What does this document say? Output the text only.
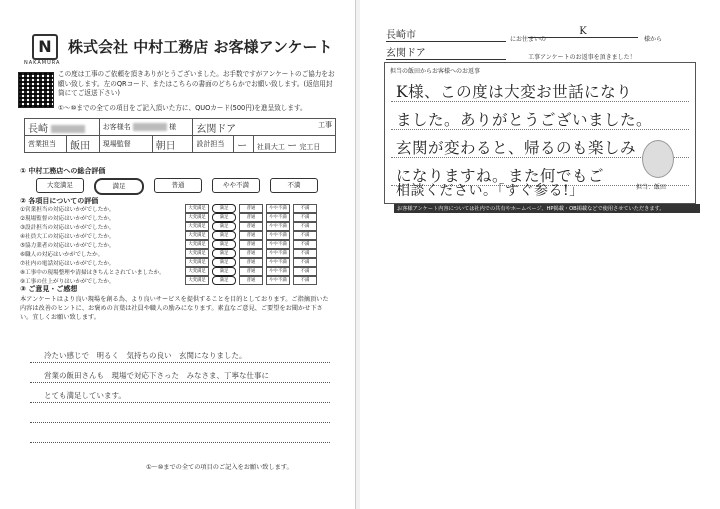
N
NAKAMURA
株式会社 中村工務店 お客様アンケート
この度は工事のご依頼を頂きありがとうございました。お手数ですがアンケートのご協力をお願い致します。左のQRコード、またはこちらの書面のどちらかでお願い致します。(返信用封筒にてご返送下さい)
①〜⑩までの全ての項目をご記入頂いた方に、QUOカード(500円)を進呈致します。
長崎		お客様名 様		玄関ドア 工事		

営業担当	飯田	現場監督	朝日	設計担当	ー	社員大工 ー 完工日
① 中村工務店への総合評価
大変満足	満足	普通	やや不満	不満
② 各項目についての評価
①営業担当の対応はいかがでしたか。	大変満足	満足	普通	やや不満	不満
②現場監督の対応はいかがでしたか。	大変満足	満足	普通	やや不満	不満
③設計担当の対応はいかがでしたか。	大変満足	満足	普通	やや不満	不満
④社員大工の対応はいかがでしたか。	大変満足	満足	普通	やや不満	不満
⑤協力業者の対応はいかがでしたか。	大変満足	満足	普通	やや不満	不満
⑥職人の対応はいかがでしたか。	大変満足	満足	普通	やや不満	不満
⑦社内の電話対応はいかがでしたか。	大変満足	満足	普通	やや不満	不満
⑧工事中の現場整理や清掃はきちんとされていましたか。	大変満足	満足	普通	やや不満	不満
⑨工事の仕上がりはいかがでしたか。	大変満足	満足	普通	やや不満	不満
③ ご意見・ご感想
本アンケートはより良い現場を創る為、より良いサービスを提供することを目的としております。ご指摘頂いた内容は改善のヒントに、お褒めの言葉は社員や職人の励みになります。素直なご意見、ご要望をお聞かせ下さい。宜しくお願い致します。
冷たい感じで　明るく　気持ちの良い　玄関になりました。
営業の飯田さんも　現場で対応下さった　みなさま、丁寧な仕事に
とても満足しています。
①〜⑩までの全ての項目のご記入をお願い致します。
長崎市	にお住まいの
K
様から
玄関ドア	工事アンケートのお返事を頂きました！
担当の飯田からお客様へのお返事
K様、この度は大変お世話になり
ました。ありがとうございました。
玄関が変わると、帰るのも楽しみ
になりますね。また何でもご
相談ください。「すぐ参る!」	担当：飯田
お客様アンケート内容については社内での共有やホームページ、HP掲載・OB掲載などで使用させていただきます。
